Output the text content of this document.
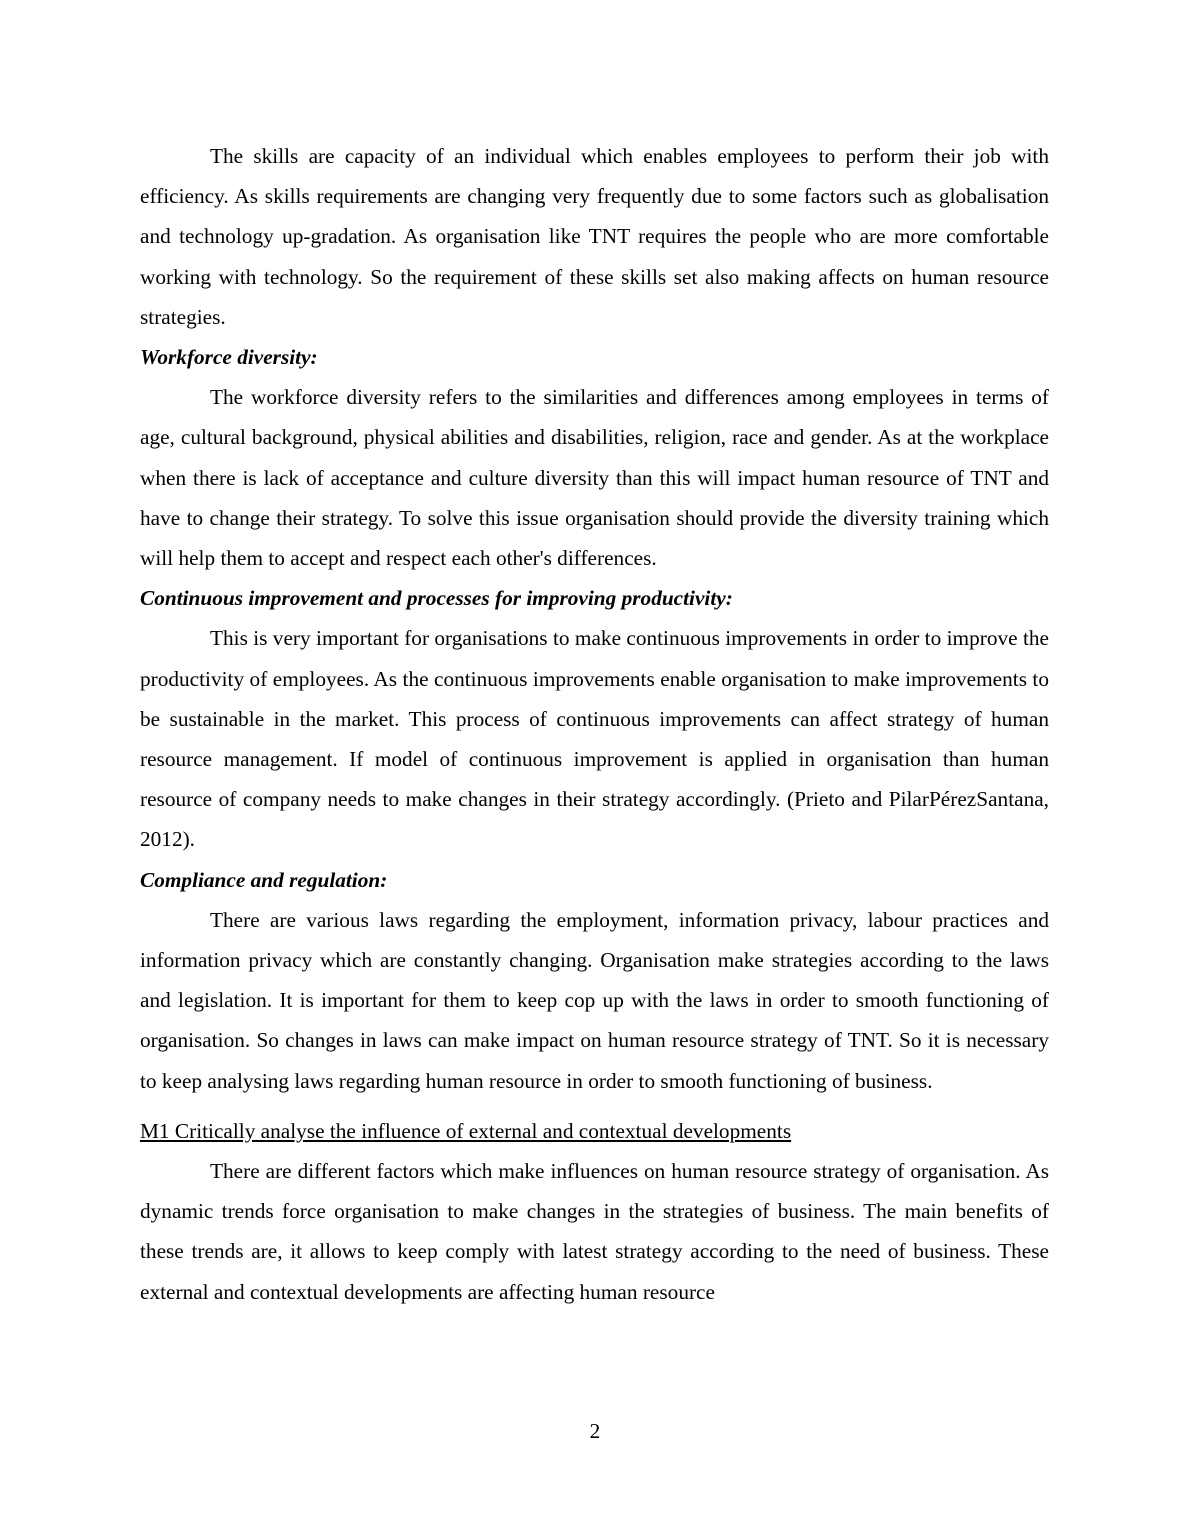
The skills are capacity of an individual which enables employees to perform their job with efficiency. As skills requirements are changing very frequently due to some factors such as globalisation and technology up-gradation. As organisation like TNT requires the people who are more comfortable working with technology. So the requirement of these skills set also making affects on human resource strategies.

Workforce diversity:

The workforce diversity refers to the similarities and differences among employees in terms of age, cultural background, physical abilities and disabilities, religion, race and gender. As at the workplace when there is lack of acceptance and culture diversity than this will impact human resource of TNT and have to change their strategy. To solve this issue organisation should provide the diversity training which will help them to accept and respect each other's differences.

Continuous improvement and processes for improving productivity:

This is very important for organisations to make continuous improvements in order to improve the productivity of employees. As the continuous improvements enable organisation to make improvements to be sustainable in the market. This process of continuous improvements can affect strategy of human resource management. If model of continuous improvement is applied in organisation than human resource of company needs to make changes in their strategy accordingly. (Prieto and PilarPérezSantana, 2012).

Compliance and regulation:

There are various laws regarding the employment, information privacy, labour practices and information privacy which are constantly changing. Organisation make strategies according to the laws and legislation. It is important for them to keep cop up with the laws in order to smooth functioning of organisation. So changes in laws can make impact on human resource strategy of TNT. So it is necessary to keep analysing laws regarding human resource in order to smooth functioning of business.

M1 Critically analyse the influence of external and contextual developments

There are different factors which make influences on human resource strategy of organisation. As dynamic trends force organisation to make changes in the strategies of business. The main benefits of these trends are, it allows to keep comply with latest strategy according to the need of business. These external and contextual developments are affecting human resource

2
